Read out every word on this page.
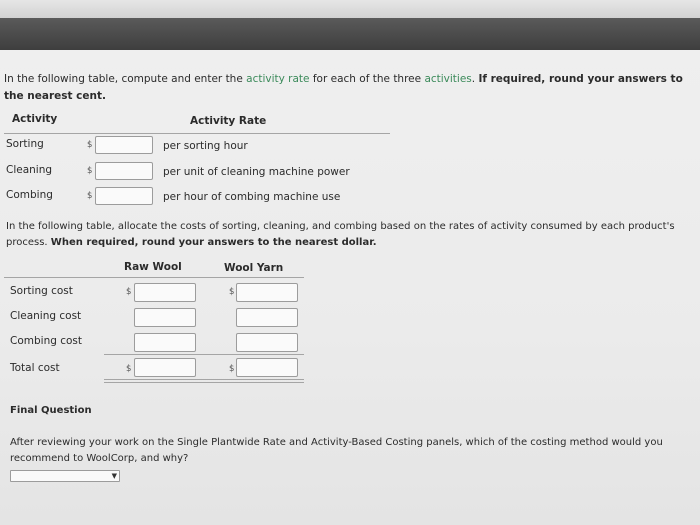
In the following table, compute and enter the activity rate for each of the three activities. If required, round your answers to the nearest cent.
Activity	Activity Rate
Sorting	$	per sorting hour
Cleaning	$	per unit of cleaning machine power
Combing	$	per hour of combing machine use
In the following table, allocate the costs of sorting, cleaning, and combing based on the rates of activity consumed by each product's process. When required, round your answers to the nearest dollar.
Raw Wool	Wool Yarn
Sorting cost	$	$
Cleaning cost
Combing cost
Total cost	$	$
Final Question
After reviewing your work on the Single Plantwide Rate and Activity-Based Costing panels, which of the costing method would you recommend to WoolCorp, and why?
▼
